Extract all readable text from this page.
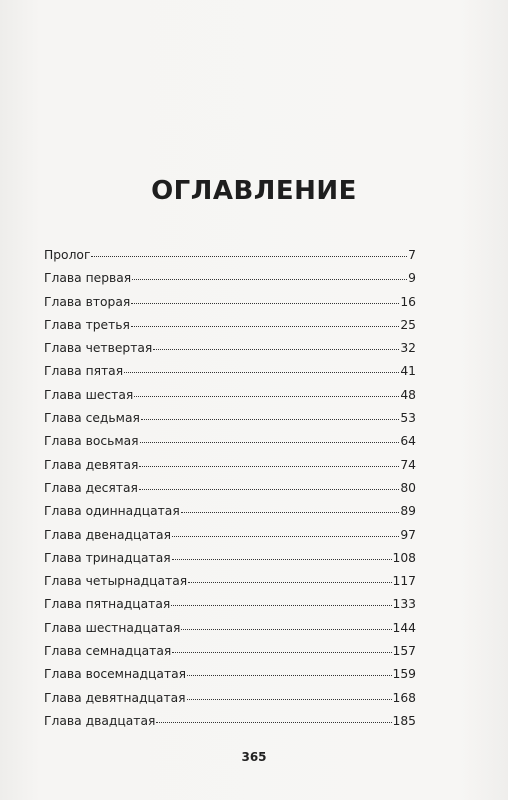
ОГЛАВЛЕНИЕ
Пролог	7
Глава первая	9
Глава вторая	16
Глава третья	25
Глава четвертая	32
Глава пятая	41
Глава шестая	48
Глава седьмая	53
Глава восьмая	64
Глава девятая	74
Глава десятая	80
Глава одиннадцатая	89
Глава двенадцатая	97
Глава тринадцатая	108
Глава четырнадцатая	117
Глава пятнадцатая	133
Глава шестнадцатая	144
Глава семнадцатая	157
Глава восемнадцатая	159
Глава девятнадцатая	168
Глава двадцатая	185
365
